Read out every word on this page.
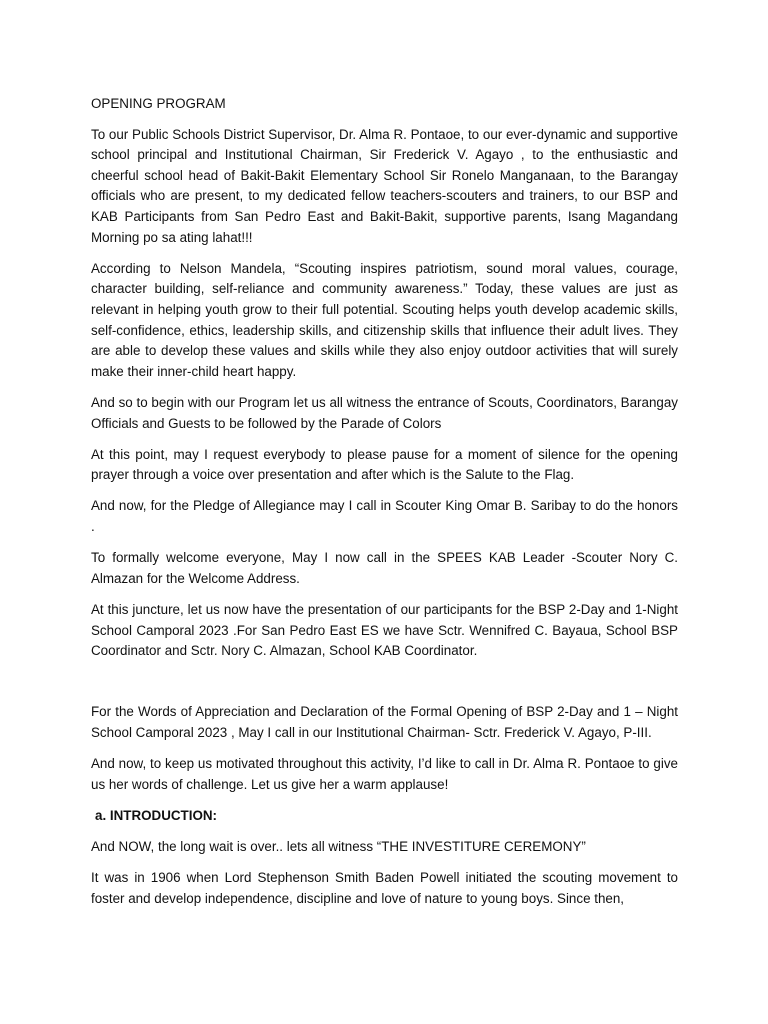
OPENING PROGRAM

To our Public Schools District Supervisor, Dr. Alma R. Pontaoe, to our ever-dynamic and supportive school principal and Institutional Chairman, Sir Frederick V. Agayo , to the enthusiastic and cheerful school head of Bakit-Bakit Elementary School Sir Ronelo Manganaan, to the Barangay officials who are present, to my dedicated fellow teachers-scouters and trainers, to our BSP and KAB Participants from San Pedro East and Bakit-Bakit, supportive parents, Isang Magandang Morning po sa ating lahat!!!

According to Nelson Mandela, “Scouting inspires patriotism, sound moral values, courage, character building, self-reliance and community awareness.” Today, these values are just as relevant in helping youth grow to their full potential. Scouting helps youth develop academic skills, self-confidence, ethics, leadership skills, and citizenship skills that influence their adult lives. They are able to develop these values and skills while they also enjoy outdoor activities that will surely make their inner-child heart happy.

And so to begin with our Program let us all witness the entrance of Scouts, Coordinators, Barangay Officials and Guests to be followed by the Parade of Colors

At this point, may I request everybody to please pause for a moment of silence for the opening prayer through a voice over presentation and after which is the Salute to the Flag.

And now, for the Pledge of Allegiance may I call in Scouter King Omar B. Saribay to do the honors .

To formally welcome everyone, May I now call in the SPEES KAB Leader -Scouter Nory C. Almazan for the Welcome Address.

At this juncture, let us now have the presentation of our participants for the BSP 2-Day and 1-Night School Camporal 2023 .For San Pedro East ES we have Sctr. Wennifred C. Bayaua, School BSP Coordinator and Sctr. Nory C. Almazan, School KAB Coordinator.

For the Words of Appreciation and Declaration of the Formal Opening of BSP 2-Day and 1 – Night School Camporal 2023 , May I call in our Institutional Chairman- Sctr. Frederick V. Agayo, P-III.

And now, to keep us motivated throughout this activity, I’d like to call in Dr. Alma R. Pontaoe to give us her words of challenge. Let us give her a warm applause!

a. INTRODUCTION:

And NOW, the long wait is over.. lets all witness “THE INVESTITURE CEREMONY”

It was in 1906 when Lord Stephenson Smith Baden Powell initiated the scouting movement to foster and develop independence, discipline and love of nature to young boys. Since then,
